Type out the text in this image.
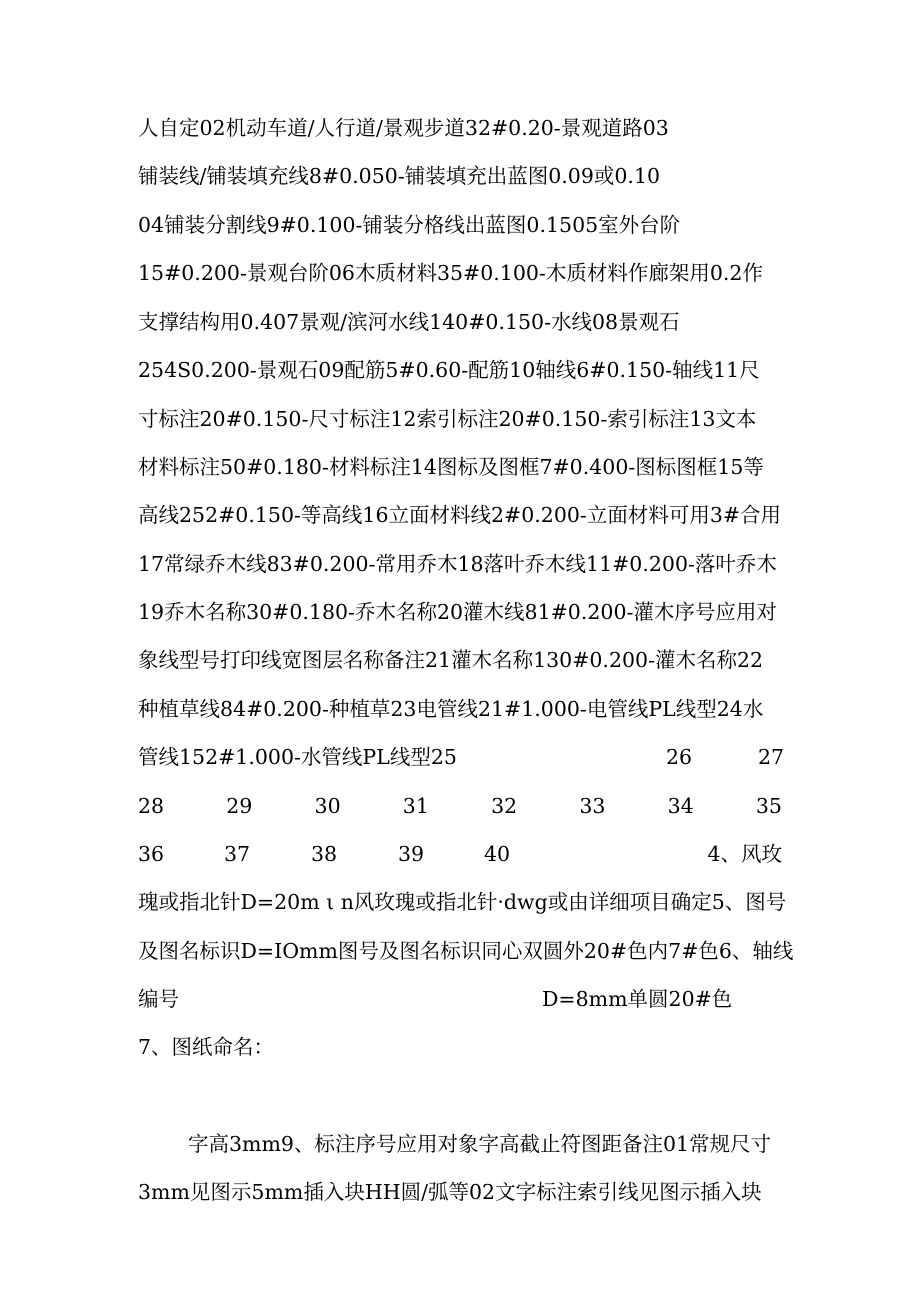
人自定02机动车道/人行道/景观步道32#0.20-景观道路03
铺装线/铺装填充线8#0.050-铺装填充出蓝图0.09或0.10
04铺装分割线9#0.100-铺装分格线出蓝图0.1505室外台阶
15#0.200-景观台阶06木质材料35#0.100-木质材料作廊架用0.2作
支撑结构用0.407景观/滨河水线140#0.150-水线08景观石
254S0.200-景观石09配筋5#0.60-配筋10轴线6#0.150-轴线11尺
寸标注20#0.150-尺寸标注12索引标注20#0.150-索引标注13文本
材料标注50#0.180-材料标注14图标及图框7#0.400-图标图框15等
高线252#0.150-等高线16立面材料线2#0.200-立面材料可用3#合用
17常绿乔木线83#0.200-常用乔木18落叶乔木线11#0.200-落叶乔木
19乔木名称30#0.180-乔木名称20灌木线81#0.200-灌木序号应用对
象线型号打印线宽图层名称备注21灌木名称130#0.200-灌木名称22
种植草线84#0.200-种植草23电管线21#1.000-电管线PL线型24水
管线152#1.000-水管线PL线型25	26	27
28	29	30	31	32	33	34	35
36	37	38	39	40	4、风玫
瑰或指北针D=20m ι n风玫瑰或指北针·dwg或由详细项目确定5、图号
及图名标识D=IOmm图号及图名标识同心双圆外20#色内7#色6、轴线
编号	D=8mm单圆20#色
7、图纸命名：
字高3mm9、标注序号应用对象字高截止符图距备注01常规尺寸
3mm见图示5mm插入块HH圆/弧等02文字标注索引线见图示插入块
